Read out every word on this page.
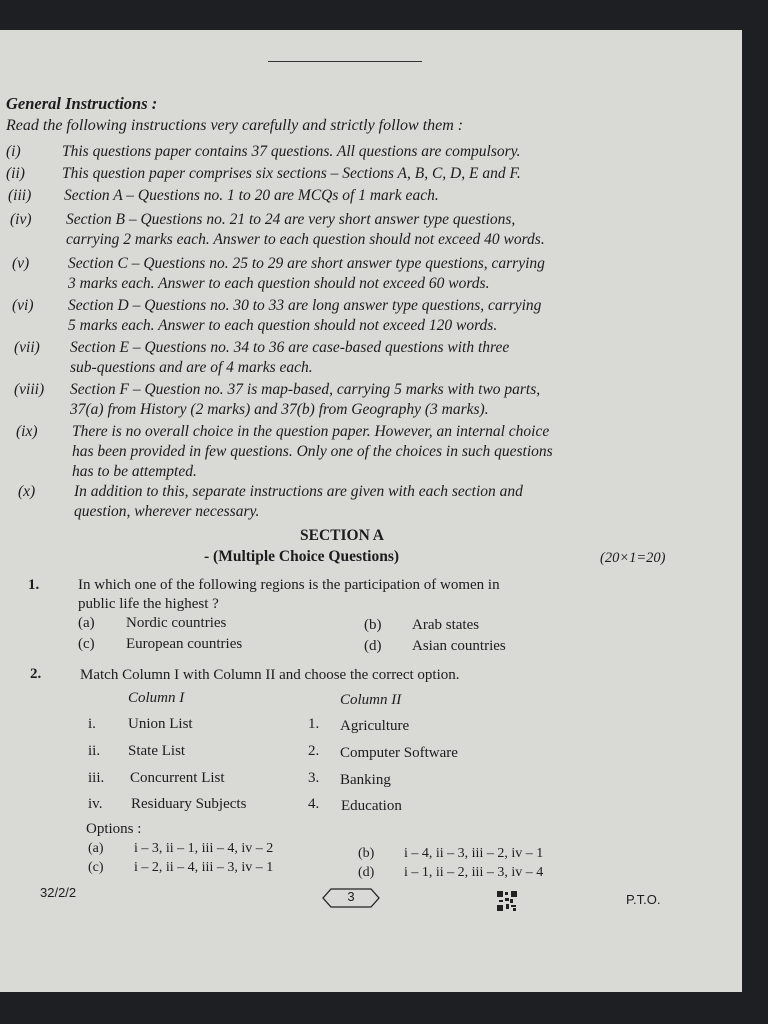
General Instructions :
Read the following instructions very carefully and strictly follow them :
(i)	This questions paper contains 37 questions. All questions are compulsory.
(ii) This question paper comprises six sections – Sections A, B, C, D, E and F.
(iii) Section A – Questions no. 1 to 20 are MCQs of 1 mark each.
(iv) Section B – Questions no. 21 to 24 are very short answer type questions,
carrying 2 marks each. Answer to each question should not exceed 40 words.
(v)	Section C – Questions no. 25 to 29 are short answer type questions, carrying
3 marks each. Answer to each question should not exceed 60 words.
(vi) Section D – Questions no. 30 to 33 are long answer type questions, carrying
5 marks each. Answer to each question should not exceed 120 words.
(vii) Section E – Questions no. 34 to 36 are case-based questions with three
sub-questions and are of 4 marks each.
(viii) Section F – Question no. 37 is map-based, carrying 5 marks with two parts,
37(a) from History (2 marks) and 37(b) from Geography (3 marks).
(ix) There is no overall choice in the question paper. However, an internal choice
has been provided in few questions. Only one of the choices in such questions
has to be attempted.
(x)	In addition to this, separate instructions are given with each section and
question, wherever necessary.
SECTION A
- (Multiple Choice Questions)	(20×1=20)
1.	In which one of the following regions is the participation of women in
public life the highest ?
(a) Nordic countries	(b) Arab states
(c) European countries	(d) Asian countries
2.	Match Column I with Column II and choose the correct option.
Column I	Column II
i. Union List	1. Agriculture
ii. State List	2. Computer Software
iii. Concurrent List	3. Banking
iv. Residuary Subjects	4. Education
Options :
(a) i – 3, ii – 1, iii – 4, iv – 2	(b) i – 4, ii – 3, iii – 2, iv – 1
(c) i – 2, ii – 4, iii – 3, iv – 1	(d) i – 1, ii – 2, iii – 3, iv – 4
32/2/2	3	P.T.O.
